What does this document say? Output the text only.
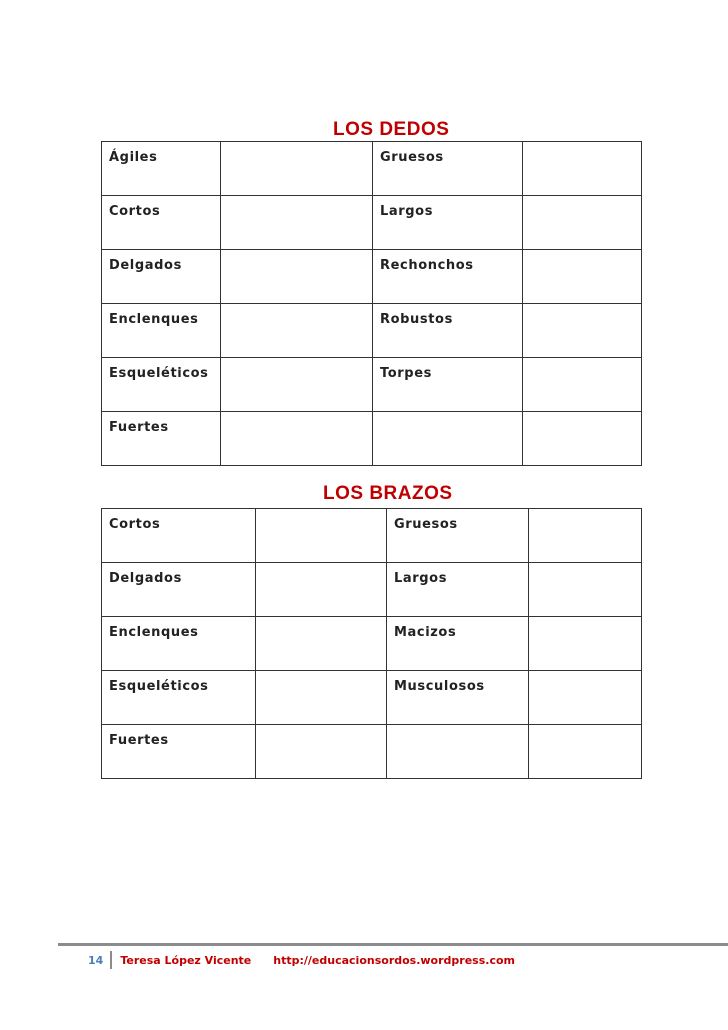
LOS DEDOS
Ágiles		Gruesos	
Cortos		Largos	
Delgados		Rechonchos	
Enclenques		Robustos	
Esqueléticos		Torpes	
Fuertes			
LOS BRAZOS
Cortos		Gruesos	
Delgados		Largos	
Enclenques		Macizos	
Esqueléticos		Musculosos	
Fuertes			
14	Teresa López Vicente http://educacionsordos.wordpress.com
